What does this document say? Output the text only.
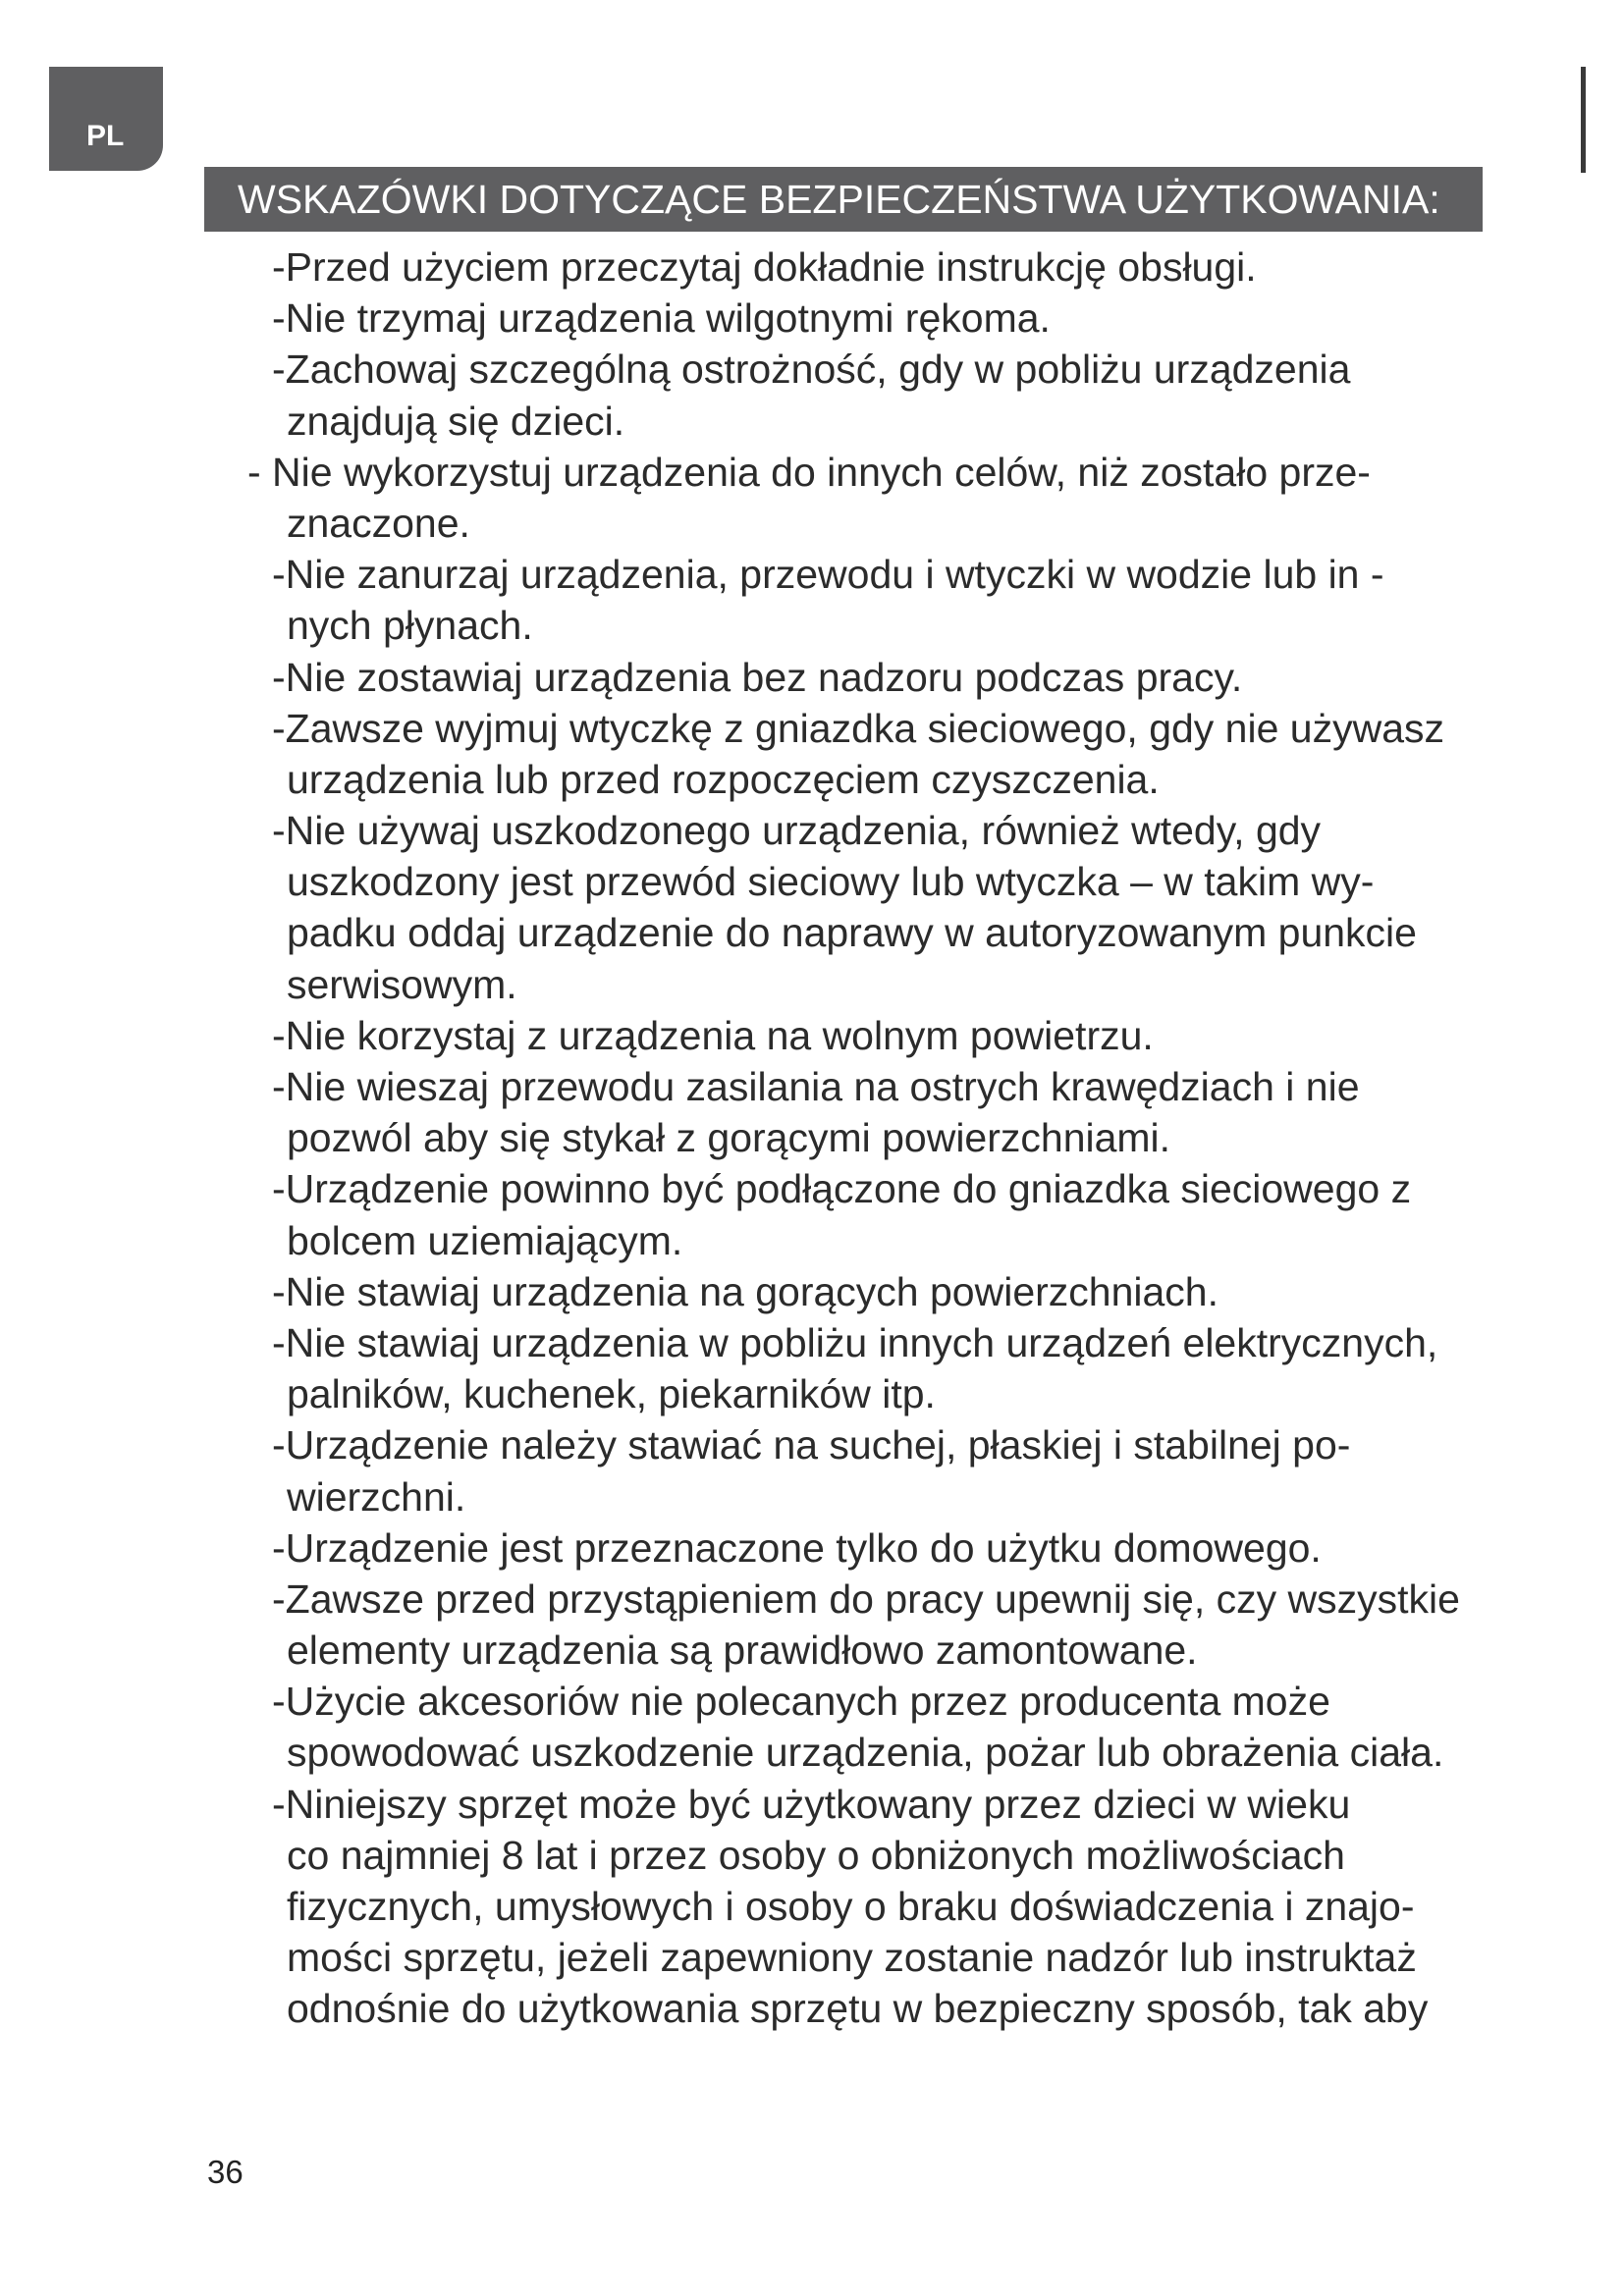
PL
WSKAZÓWKI DOTYCZĄCE BEZPIECZEŃSTWA UŻYTKOWANIA:
-Przed użyciem przeczytaj dokładnie instrukcję obsługi.
-Nie trzymaj urządzenia wilgotnymi rękoma.
-Zachowaj szczególną ostrożność, gdy w pobliżu urządzenia
znajdują się dzieci.
- Nie wykorzystuj urządzenia do innych celów, niż zostało prze-
znaczone.
-Nie zanurzaj urządzenia, przewodu i wtyczki w wodzie lub in -
nych płynach.
-Nie zostawiaj urządzenia bez nadzoru podczas pracy.
-Zawsze wyjmuj wtyczkę z gniazdka sieciowego, gdy nie używasz
urządzenia lub przed rozpoczęciem czyszczenia.
-Nie używaj uszkodzonego urządzenia, również wtedy, gdy
uszkodzony jest przewód sieciowy lub wtyczka – w takim wy-
padku oddaj urządzenie do naprawy w autoryzowanym punkcie
serwisowym.
-Nie korzystaj z urządzenia na wolnym powietrzu.
-Nie wieszaj przewodu zasilania na ostrych krawędziach i nie
pozwól aby się stykał z gorącymi powierzchniami.
-Urządzenie powinno być podłączone do gniazdka sieciowego z
bolcem uziemiającym.
-Nie stawiaj urządzenia na gorących powierzchniach.
-Nie stawiaj urządzenia w pobliżu innych urządzeń elektrycznych,
palników, kuchenek, piekarników itp.
-Urządzenie należy stawiać na suchej, płaskiej i stabilnej po-
wierzchni.
-Urządzenie jest przeznaczone tylko do użytku domowego.
-Zawsze przed przystąpieniem do pracy upewnij się, czy wszystkie
elementy urządzenia są prawidłowo zamontowane.
-Użycie akcesoriów nie polecanych przez producenta może
spowodować uszkodzenie urządzenia, pożar lub obrażenia ciała.
-Niniejszy sprzęt może być użytkowany przez dzieci w wieku
co najmniej 8 lat i przez osoby o obniżonych możliwościach
fizycznych, umysłowych i osoby o braku doświadczenia i znajo-
mości sprzętu, jeżeli zapewniony zostanie nadzór lub instruktaż
odnośnie do użytkowania sprzętu w bezpieczny sposób, tak aby
36
